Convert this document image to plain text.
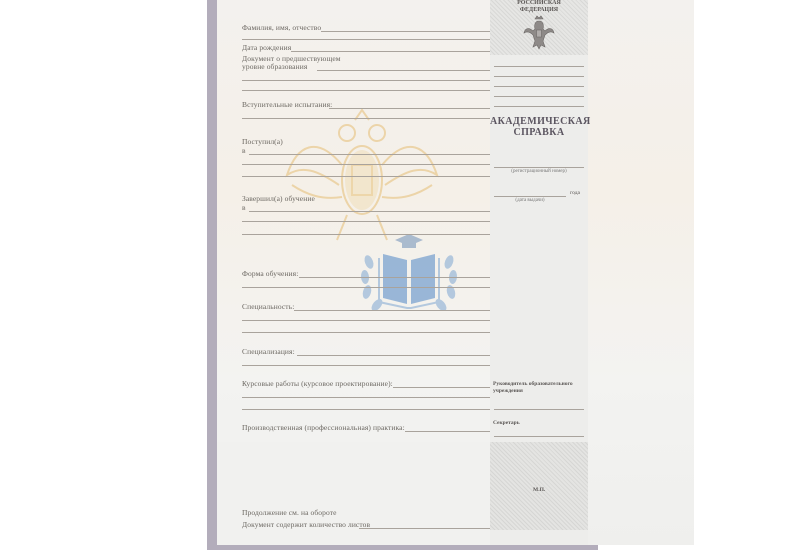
Фамилия, имя, отчество
Дата рождения
Документ о предшествующем
уровне образования
Вступительные испытания:
Поступил(а)
в
Завершил(а) обучение
в
Форма обучения:
Специальность:
Специализация:
Курсовые работы (курсовое проектирование):
Производственная (профессиональная) практика:
Продолжение см. на обороте
Документ содержит количество листов
РОССИЙСКАЯ
ФЕДЕРАЦИЯ
АКАДЕМИЧЕСКАЯ
СПРАВКА
(регистрационный номер)
года
(дата выдачи)
Руководитель образовательного
учреждения
Секретарь
М.П.
